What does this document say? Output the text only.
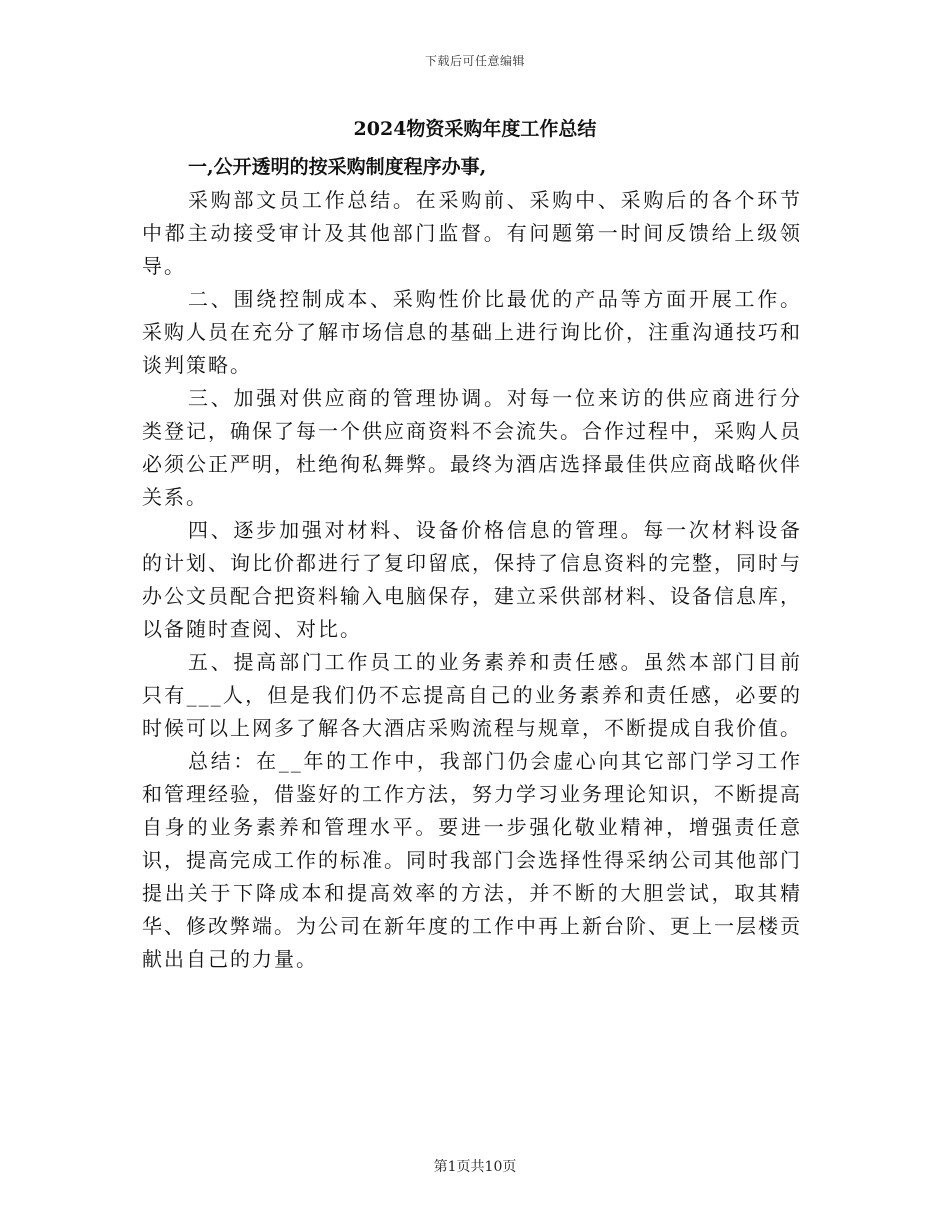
下载后可任意编辑
2024物资采购年度工作总结
一,公开透明的按采购制度程序办事,

采购部文员工作总结。在采购前、采购中、采购后的各个环节中都主动接受审计及其他部门监督。有问题第一时间反馈给上级领导。

二、围绕控制成本、采购性价比最优的产品等方面开展工作。采购人员在充分了解市场信息的基础上进行询比价，注重沟通技巧和谈判策略。

三、加强对供应商的管理协调。对每一位来访的供应商进行分类登记，确保了每一个供应商资料不会流失。合作过程中，采购人员必须公正严明，杜绝徇私舞弊。最终为酒店选择最佳供应商战略伙伴关系。

四、逐步加强对材料、设备价格信息的管理。每一次材料设备的计划、询比价都进行了复印留底，保持了信息资料的完整，同时与办公文员配合把资料输入电脑保存，建立采供部材料、设备信息库，以备随时查阅、对比。

五、提高部门工作员工的业务素养和责任感。虽然本部门目前只有___人，但是我们仍不忘提高自己的业务素养和责任感，必要的时候可以上网多了解各大酒店采购流程与规章，不断提成自我价值。

总结：在__年的工作中，我部门仍会虚心向其它部门学习工作和管理经验，借鉴好的工作方法，努力学习业务理论知识，不断提高自身的业务素养和管理水平。要进一步强化敬业精神，增强责任意识，提高完成工作的标准。同时我部门会选择性得采纳公司其他部门提出关于下降成本和提高效率的方法，并不断的大胆尝试，取其精华、修改弊端。为公司在新年度的工作中再上新台阶、更上一层楼贡献出自己的力量。

第1页共10页
